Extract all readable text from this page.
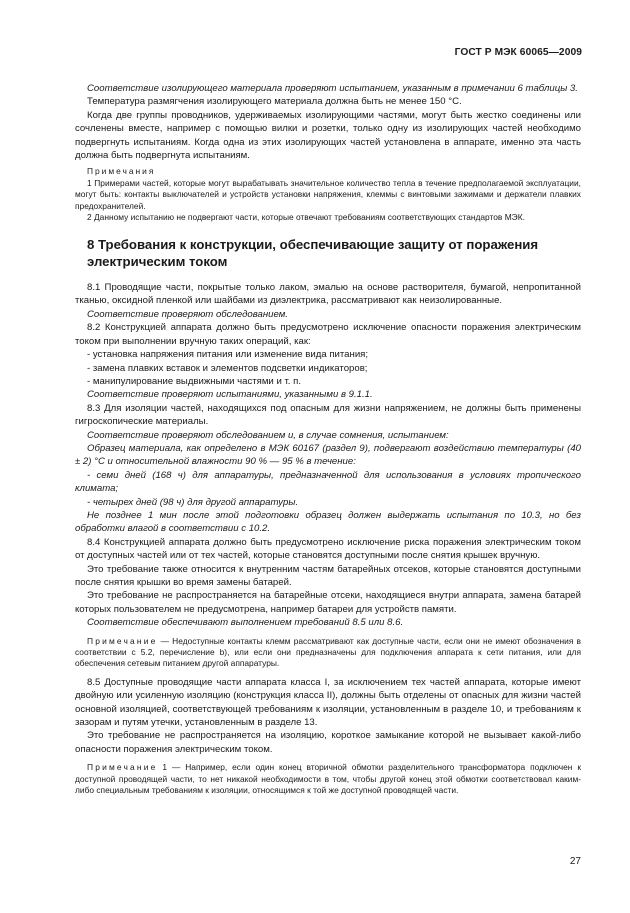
ГОСТ Р МЭК 60065—2009

Соответствие изолирующего материала проверяют испытанием, указанным в примечании 6 таблицы 3.

Температура размягчения изолирующего материала должна быть не менее 150 °С.

Когда две группы проводников, удерживаемых изолирующими частями, могут быть жестко соединены или сочленены вместе, например с помощью вилки и розетки, только одну из изолирующих частей необходимо подвергнуть испытаниям. Когда одна из этих изолирующих частей установлена в аппарате, именно эта часть должна быть подвергнута испытаниям.

Примечания

1 Примерами частей, которые могут вырабатывать значительное количество тепла в течение предполагаемой эксплуатации, могут быть: контакты выключателей и устройств установки напряжения, клеммы с винтовыми зажимами и держатели плавких предохранителей.

2 Данному испытанию не подвергают части, которые отвечают требованиям соответствующих стандартов МЭК.

8 Требования к конструкции, обеспечивающие защиту от поражения электрическим током

8.1 Проводящие части, покрытые только лаком, эмалью на основе растворителя, бумагой, непропитанной тканью, оксидной пленкой или шайбами из диэлектрика, рассматривают как неизолированные.

Соответствие проверяют обследованием.

8.2 Конструкцией аппарата должно быть предусмотрено исключение опасности поражения электрическим током при выполнении вручную таких операций, как:

- установка напряжения питания или изменение вида питания;

- замена плавких вставок и элементов подсветки индикаторов;

- манипулирование выдвижными частями и т. п.

Соответствие проверяют испытаниями, указанными в 9.1.1.

8.3 Для изоляции частей, находящихся под опасным для жизни напряжением, не должны быть применены гигроскопические материалы.

Соответствие проверяют обследованием и, в случае сомнения, испытанием:

Образец материала, как определено в МЭК 60167 (раздел 9), подвергают воздействию температуры (40 ± 2) °С и относительной влажности 90 % — 95 % в течение:

- семи дней (168 ч) для аппаратуры, предназначенной для использования в условиях тропического климата;

- четырех дней (98 ч) для другой аппаратуры.

Не позднее 1 мин после этой подготовки образец должен выдержать испытания по 10.3, но без обработки влагой в соответствии с 10.2.

8.4 Конструкцией аппарата должно быть предусмотрено исключение риска поражения электрическим током от доступных частей или от тех частей, которые становятся доступными после снятия крышек вручную.

Это требование также относится к внутренним частям батарейных отсеков, которые становятся доступными после снятия крышки во время замены батарей.

Это требование не распространяется на батарейные отсеки, находящиеся внутри аппарата, замена батарей которых пользователем не предусмотрена, например батареи для устройств памяти.

Соответствие обеспечивают выполнением требований 8.5 или 8.6.

Примечание — Недоступные контакты клемм рассматривают как доступные части, если они не имеют обозначения в соответствии с 5.2, перечисление b), или если они предназначены для подключения аппарата к сети питания, или для обеспечения сетевым питанием другой аппаратуры.

8.5 Доступные проводящие части аппарата класса I, за исключением тех частей аппарата, которые имеют двойную или усиленную изоляцию (конструкция класса II), должны быть отделены от опасных для жизни частей основной изоляцией, соответствующей требованиям к изоляции, установленным в разделе 10, и требованиям к зазорам и путям утечки, установленным в разделе 13.

Это требование не распространяется на изоляцию, короткое замыкание которой не вызывает какой-либо опасности поражения электрическим током.

Примечание 1 — Например, если один конец вторичной обмотки разделительного трансформатора подключен к доступной проводящей части, то нет никакой необходимости в том, чтобы другой конец этой обмотки соответствовал каким-либо специальным требованиям к изоляции, относящимся к той же доступной проводящей части.

27
